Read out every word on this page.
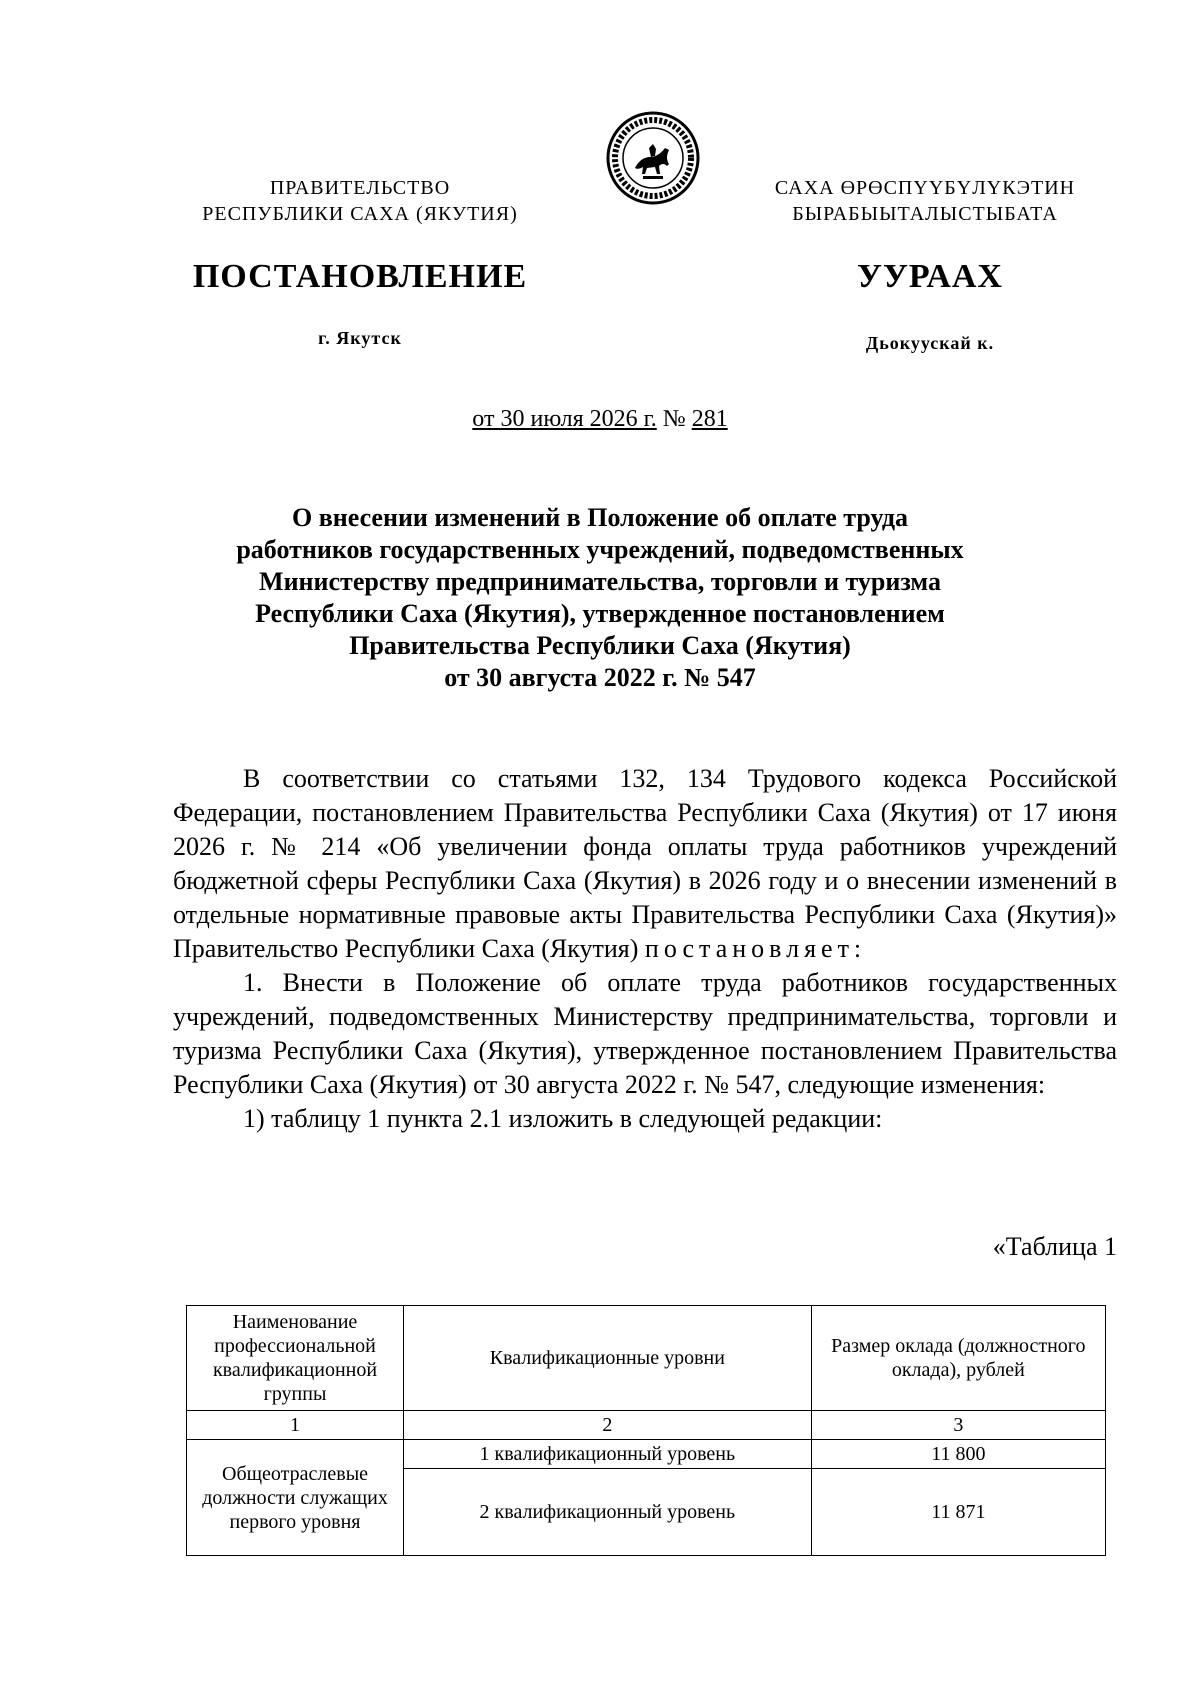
ПРАВИТЕЛЬСТВО
РЕСПУБЛИКИ САХА (ЯКУТИЯ)
САХА ӨРӨСПҮҮБҮЛҮКЭТИН
БЫРАБЫЫТАЛЫСТЫБАТА
ПОСТАНОВЛЕНИЕ	УУРААХ
г. Якутск	Дьокуускай к.
от 30 июля 2026 г. № 281
О внесении изменений в Положение об оплате труда
работников государственных учреждений, подведомственных
Министерству предпринимательства, торговли и туризма
Республики Саха (Якутия), утвержденное постановлением
Правительства Республики Саха (Якутия)
от 30 августа 2022 г. № 547

В соответствии со статьями 132, 134 Трудового кодекса Российской Федерации, постановлением Правительства Республики Саха (Якутия) от 17 июня 2026 г. № 214 «Об увеличении фонда оплаты труда работников учреждений бюджетной сферы Республики Саха (Якутия) в 2026 году и о внесении изменений в отдельные нормативные правовые акты Правительства Республики Саха (Якутия)» Правительство Республики Саха (Якутия) постановляет:

1. Внести в Положение об оплате труда работников государственных учреждений, подведомственных Министерству предпринимательства, торговли и туризма Республики Саха (Якутия), утвержденное постановлением Правительства Республики Саха (Якутия) от 30 августа 2022 г. № 547, следующие изменения:

1) таблицу 1 пункта 2.1 изложить в следующей редакции:

«Таблица 1
Наименование профессиональной квалификационной группы	Квалификационные уровни	Размер оклада (должностного оклада), рублей
1	2	3
Общеотраслевые должности служащих первого уровня	1 квалификационный уровень	11 800
	2 квалификационный уровень	11 871
